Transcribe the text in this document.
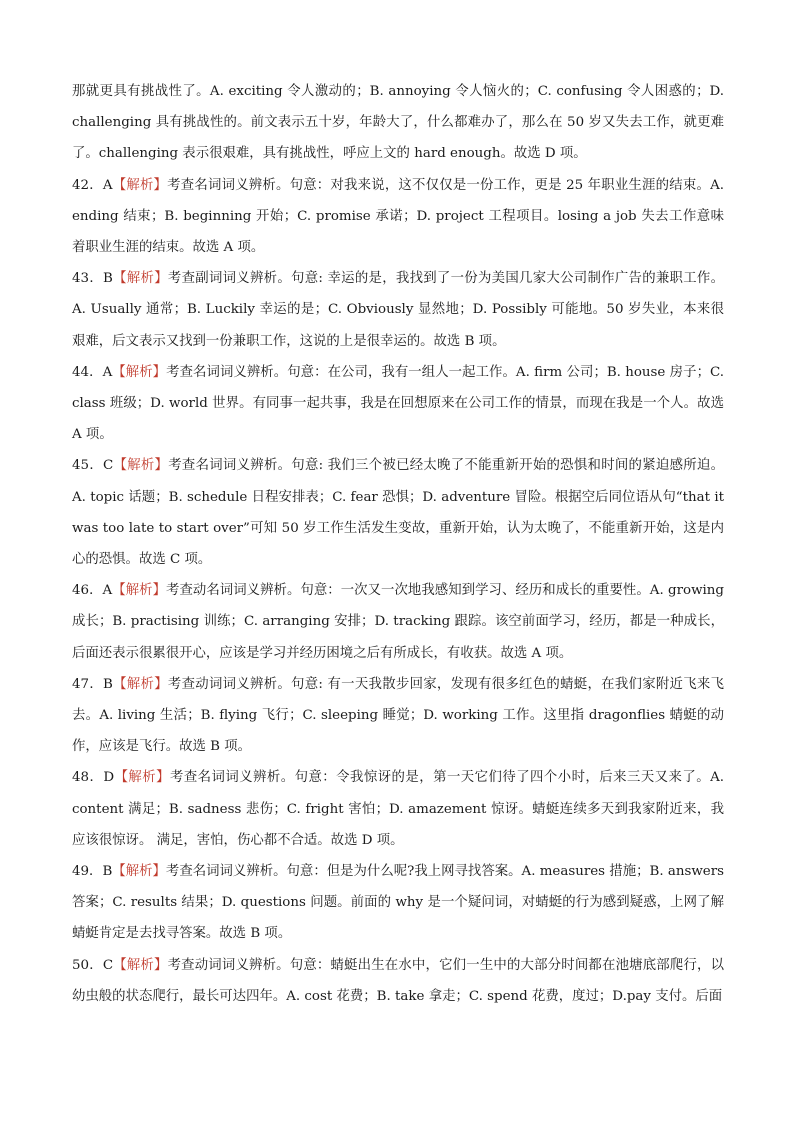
那就更具有挑战性了。A. exciting 令人激动的；B. annoying 令人恼火的；C. confusing 令人困惑的；D. challenging 具有挑战性的。前文表示五十岁，年龄大了，什么都难办了，那么在 50 岁又失去工作，就更难了。challenging 表示很艰难，具有挑战性，呼应上文的 hard enough。故选 D 项。

42．A【解析】考查名词词义辨析。句意：对我来说，这不仅仅是一份工作，更是 25 年职业生涯的结束。A. ending 结束；B. beginning 开始；C. promise 承诺；D. project 工程项目。losing a job 失去工作意味着职业生涯的结束。故选 A 项。

43．B【解析】考查副词词义辨析。句意: 幸运的是，我找到了一份为美国几家大公司制作广告的兼职工作。A. Usually 通常；B. Luckily 幸运的是；C. Obviously 显然地；D. Possibly 可能地。50 岁失业，本来很艰难，后文表示又找到一份兼职工作，这说的上是很幸运的。故选 B 项。

44．A【解析】考查名词词义辨析。句意：在公司，我有一组人一起工作。A. firm 公司；B. house 房子；C. class 班级；D. world 世界。有同事一起共事，我是在回想原来在公司工作的情景，而现在我是一个人。故选 A 项。

45．C【解析】考查名词词义辨析。句意: 我们三个被已经太晚了不能重新开始的恐惧和时间的紧迫感所迫。A. topic 话题；B. schedule 日程安排表；C. fear 恐惧；D. adventure 冒险。根据空后同位语从句“that it was too late to start over”可知 50 岁工作生活发生变故，重新开始，认为太晚了，不能重新开始，这是内心的恐惧。故选 C 项。

46．A【解析】考查动名词词义辨析。句意：一次又一次地我感知到学习、经历和成长的重要性。A. growing 成长；B. practising 训练；C. arranging 安排；D. tracking 跟踪。该空前面学习，经历，都是一种成长，后面还表示很累很开心，应该是学习并经历困境之后有所成长，有收获。故选 A 项。

47．B【解析】考查动词词义辨析。句意: 有一天我散步回家，发现有很多红色的蜻蜓，在我们家附近飞来飞去。A. living 生活；B. flying 飞行；C. sleeping 睡觉；D. working 工作。这里指 dragonflies 蜻蜓的动作，应该是飞行。故选 B 项。

48．D【解析】考查名词词义辨析。句意：令我惊讶的是，第一天它们待了四个小时，后来三天又来了。A. content 满足；B. sadness 悲伤；C. fright 害怕；D. amazement 惊讶。蜻蜓连续多天到我家附近来，我应该很惊讶。 满足，害怕，伤心都不合适。故选 D 项。

49．B【解析】考查名词词义辨析。句意：但是为什么呢?我上网寻找答案。A. measures 措施；B. answers 答案；C. results 结果；D. questions 问题。前面的 why 是一个疑问词，对蜻蜓的行为感到疑惑，上网了解蜻蜓肯定是去找寻答案。故选 B 项。

50．C【解析】考查动词词义辨析。句意：蜻蜓出生在水中，它们一生中的大部分时间都在池塘底部爬行，以幼虫般的状态爬行，最长可达四年。A. cost 花费；B. take 拿走；C. spend 花费，度过；D.pay 支付。后面
